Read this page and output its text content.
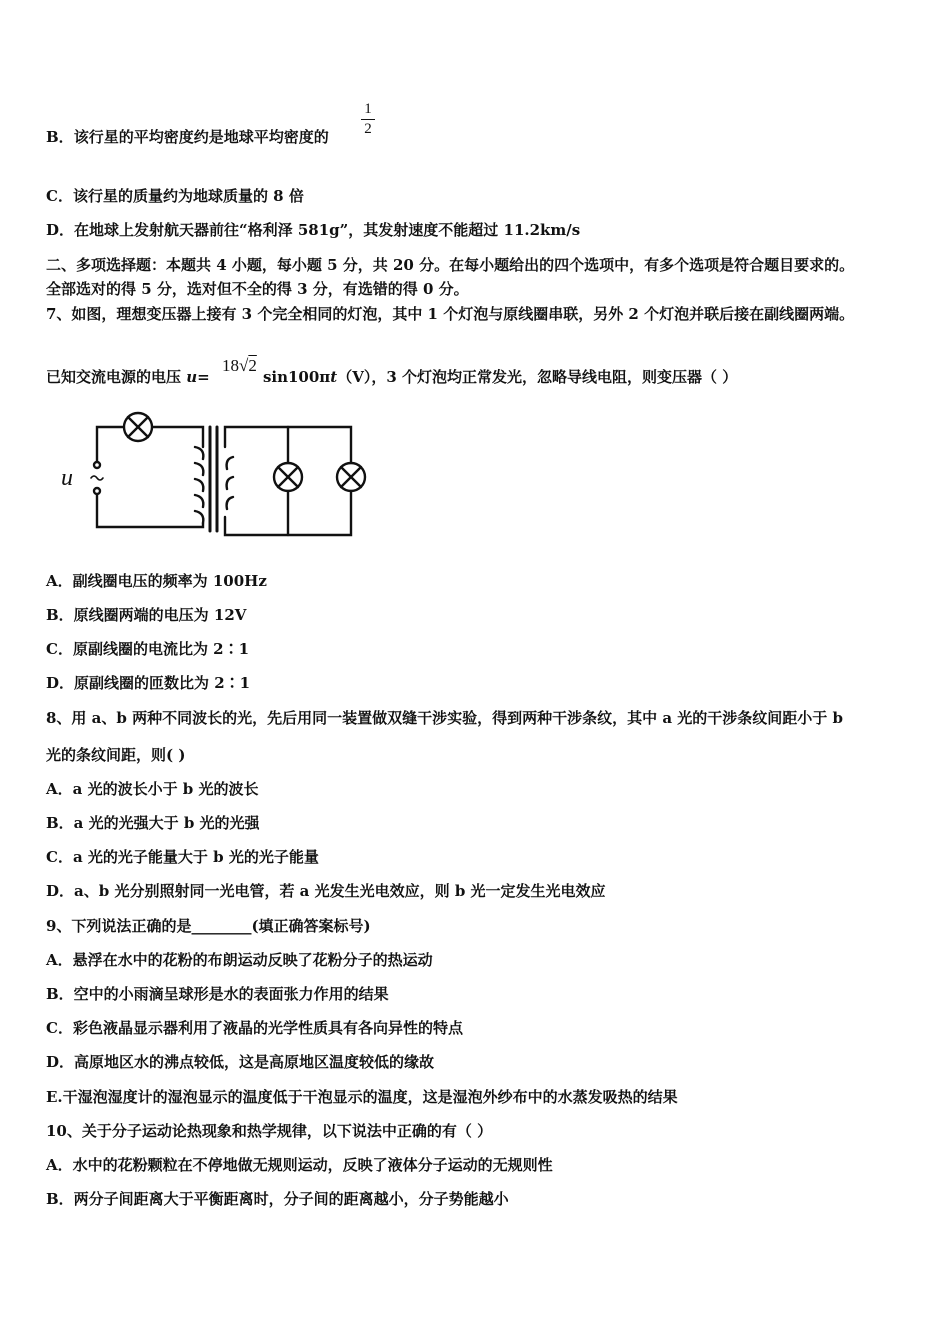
B．该行星的平均密度约是地球平均密度的
1
2
C．该行星的质量约为地球质量的 8 倍
D．在地球上发射航天器前往“格利泽 581g”，其发射速度不能超过 11.2km/s
二、多项选择题：本题共 4 小题，每小题 5 分，共 20 分。在每小题给出的四个选项中，有多个选项是符合题目要求的。
全部选对的得 5 分，选对但不全的得 3 分，有选错的得 0 分。
7、如图，理想变压器上接有 3 个完全相同的灯泡，其中 1 个灯泡与原线圈串联，另外 2 个灯泡并联后接在副线圈两端。
已知交流电源的电压 u=	sin100πt（V），3 个灯泡均正常发光，忽略导线电阻，则变压器（ ）
18√2
u
A．副线圈电压的频率为 100Hz
B．原线圈两端的电压为 12V
C．原副线圈的电流比为 2∶1
D．原副线圈的匝数比为 2∶1
8、用 a、b 两种不同波长的光，先后用同一装置做双缝干涉实验，得到两种干涉条纹，其中 a 光的干涉条纹间距小于 b
光的条纹间距，则( )
A．a 光的波长小于 b 光的波长
B．a 光的光强大于 b 光的光强
C．a 光的光子能量大于 b 光的光子能量
D．a、b 光分别照射同一光电管，若 a 光发生光电效应，则 b 光一定发生光电效应
9、下列说法正确的是________(填正确答案标号)
A．悬浮在水中的花粉的布朗运动反映了花粉分子的热运动
B．空中的小雨滴呈球形是水的表面张力作用的结果
C．彩色液晶显示器利用了液晶的光学性质具有各向异性的特点
D．高原地区水的沸点较低，这是高原地区温度较低的缘故
E.干湿泡湿度计的湿泡显示的温度低于干泡显示的温度，这是湿泡外纱布中的水蒸发吸热的结果
10、关于分子运动论热现象和热学规律，以下说法中正确的有（ ）
A．水中的花粉颗粒在不停地做无规则运动，反映了液体分子运动的无规则性
B．两分子间距离大于平衡距离时，分子间的距离越小，分子势能越小
